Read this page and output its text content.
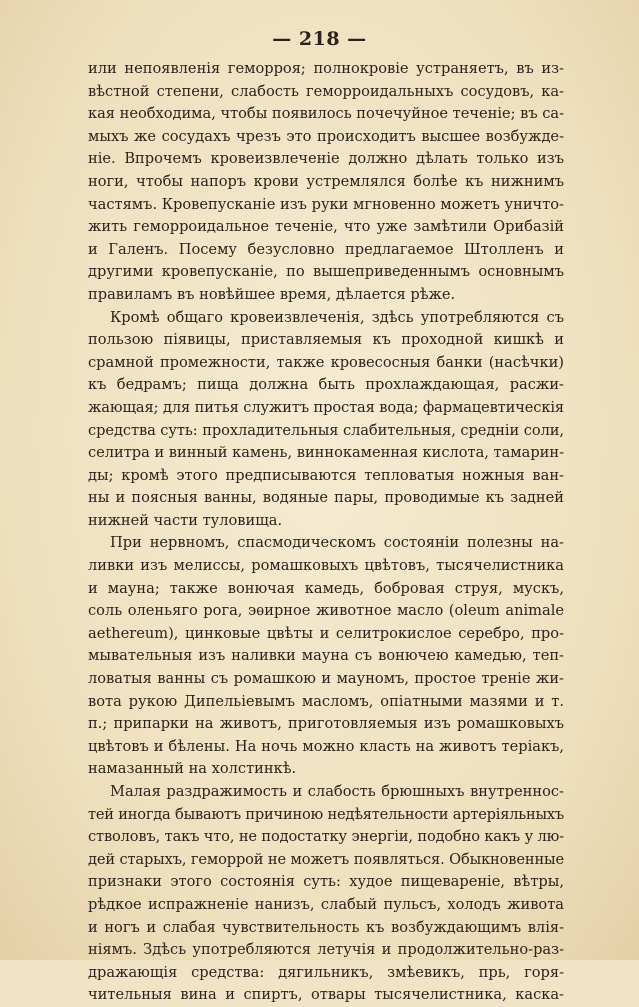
— 218 —
или непоявленія геморроя; полнокровіе устраняетъ, въ из-
вѣстной степени, слабость геморроидальныхъ сосудовъ, ка-
кая необходима, чтобы появилось почечуйное теченіе; въ са-
мыхъ же сосудахъ чрезъ это происходитъ высшее возбужде-
ніе. Впрочемъ кровеизвлеченіе должно дѣлать только изъ
ноги, чтобы напоръ крови устремлялся болѣе къ нижнимъ
частямъ. Кровепусканіе изъ руки мгновенно можетъ уничто-
жить геморроидальное теченіе, что уже замѣтили Орибазій
и Галенъ. Посему безусловно предлагаемое Штолленъ и
другими кровепусканіе, по вышеприведеннымъ основнымъ
правиламъ въ новѣйшее время, дѣлается рѣже.
Кромѣ общаго кровеизвлеченія, здѣсь употребляются съ
пользою піявицы, приставляемыя къ проходной кишкѣ и
срамной промежности, также кровесосныя банки (насѣчки)
къ бедрамъ; пища должна быть прохлаждающая, расжи-
жающая; для питья служитъ простая вода; фармацевтическія
средства суть: прохладительныя слабительныя, средніи соли,
селитра и винный камень, виннокаменная кислота, тамарин-
ды; кромѣ этого предписываются тепловатыя ножныя ван-
ны и поясныя ванны, водяные пары, проводимые къ задней
нижней части туловища.
При нервномъ, спасмодическомъ состояніи полезны на-
ливки изъ мелиссы, ромашковыхъ цвѣтовъ, тысячелистника
и мауна; также вонючая камедь, бобровая струя, мускъ,
соль оленьяго рога, эѳирное животное масло (oleum animale
aethereum), цинковые цвѣты и селитрокислое серебро, про-
мывательныя изъ наливки мауна съ вонючею камедью, теп-
ловатыя ванны съ ромашкою и мауномъ, простое треніе жи-
вота рукою Дипельіевымъ масломъ, опіатными мазями и т.
п.; припарки на животъ, приготовляемыя изъ ромашковыхъ
цвѣтовъ и бѣлены. На ночь можно класть на животъ теріакъ,
намазанный на холстинкѣ.
Малая раздражимость и слабость брюшныхъ внутреннос-
тей иногда бываютъ причиною недѣятельности артеріяльныхъ
стволовъ, такъ что, не подостатку энергіи, подобно какъ у лю-
дей старыхъ, геморрой не можетъ появляться. Обыкновенные
признаки этого состоянія суть: худое пищевареніе, вѣтры,
рѣдкое испражненіе нанизъ, слабый пульсъ, холодъ живота
и ногъ и слабая чувствительность къ возбуждающимъ влія-
ніямъ. Здѣсь употребляются летучія и продолжительно-раз-
дражающія средства: дягильникъ, змѣевикъ, прь, горя-
чительныя вина и спиртъ, отвары тысячелистника, каска-
